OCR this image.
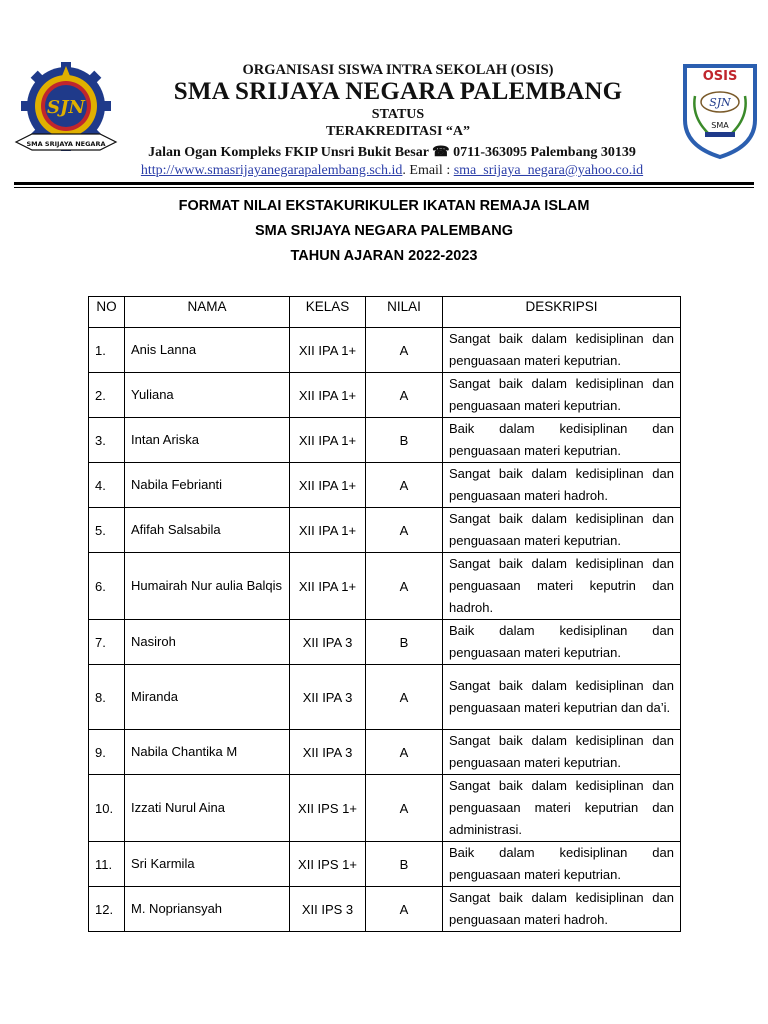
SJN
SMA SRIJAYA NEGARA
ORGANISASI SISWA INTRA SEKOLAH (OSIS)
SMA SRIJAYA NEGARA PALEMBANG
STATUS
TERAKREDITASI “A”
Jalan Ogan Kompleks FKIP Unsri Bukit Besar ☎ 0711-363095 Palembang 30139
http://www.smasrijayanegarapalembang.sch.id. Email : sma_srijaya_negara@yahoo.co.id
OSIS
SJN
SMA
FORMAT NILAI EKSTAKURIKULER IKATAN REMAJA ISLAM
SMA SRIJAYA NEGARA PALEMBANG
TAHUN AJARAN 2022-2023
NO	NAMA	KELAS	NILAI	DESKRIPSI
1.	Anis Lanna	XII IPA 1+	A	Sangat baik dalam kedisiplinan dan penguasaan materi keputrian.
2.	Yuliana	XII IPA 1+	A	Sangat baik dalam kedisiplinan dan penguasaan materi keputrian.
3.	Intan Ariska	XII IPA 1+	B	Baik dalam kedisiplinan dan penguasaan materi keputrian.
4.	Nabila Febrianti	XII IPA 1+	A	Sangat baik dalam kedisiplinan dan penguasaan materi hadroh.
5.	Afifah Salsabila	XII IPA 1+	A	Sangat baik dalam kedisiplinan dan penguasaan materi keputrian.
6.	Humairah Nur aulia Balqis	XII IPA 1+	A	Sangat baik dalam kedisiplinan dan penguasaan materi keputrin dan hadroh.
7.	Nasiroh	XII IPA 3	B	Baik dalam kedisiplinan dan penguasaan materi keputrian.
8.	Miranda	XII IPA 3	A	Sangat baik dalam kedisiplinan dan penguasaan materi keputrian dan da’i.
9.	Nabila Chantika M	XII IPA 3	A	Sangat baik dalam kedisiplinan dan penguasaan materi keputrian.
10.	Izzati Nurul Aina	XII IPS 1+	A	Sangat baik dalam kedisiplinan dan penguasaan materi keputrian dan administrasi.
11.	Sri Karmila	XII IPS 1+	B	Baik dalam kedisiplinan dan penguasaan materi keputrian.
12.	M. Nopriansyah	XII IPS 3	A	Sangat baik dalam kedisiplinan dan penguasaan materi hadroh.
